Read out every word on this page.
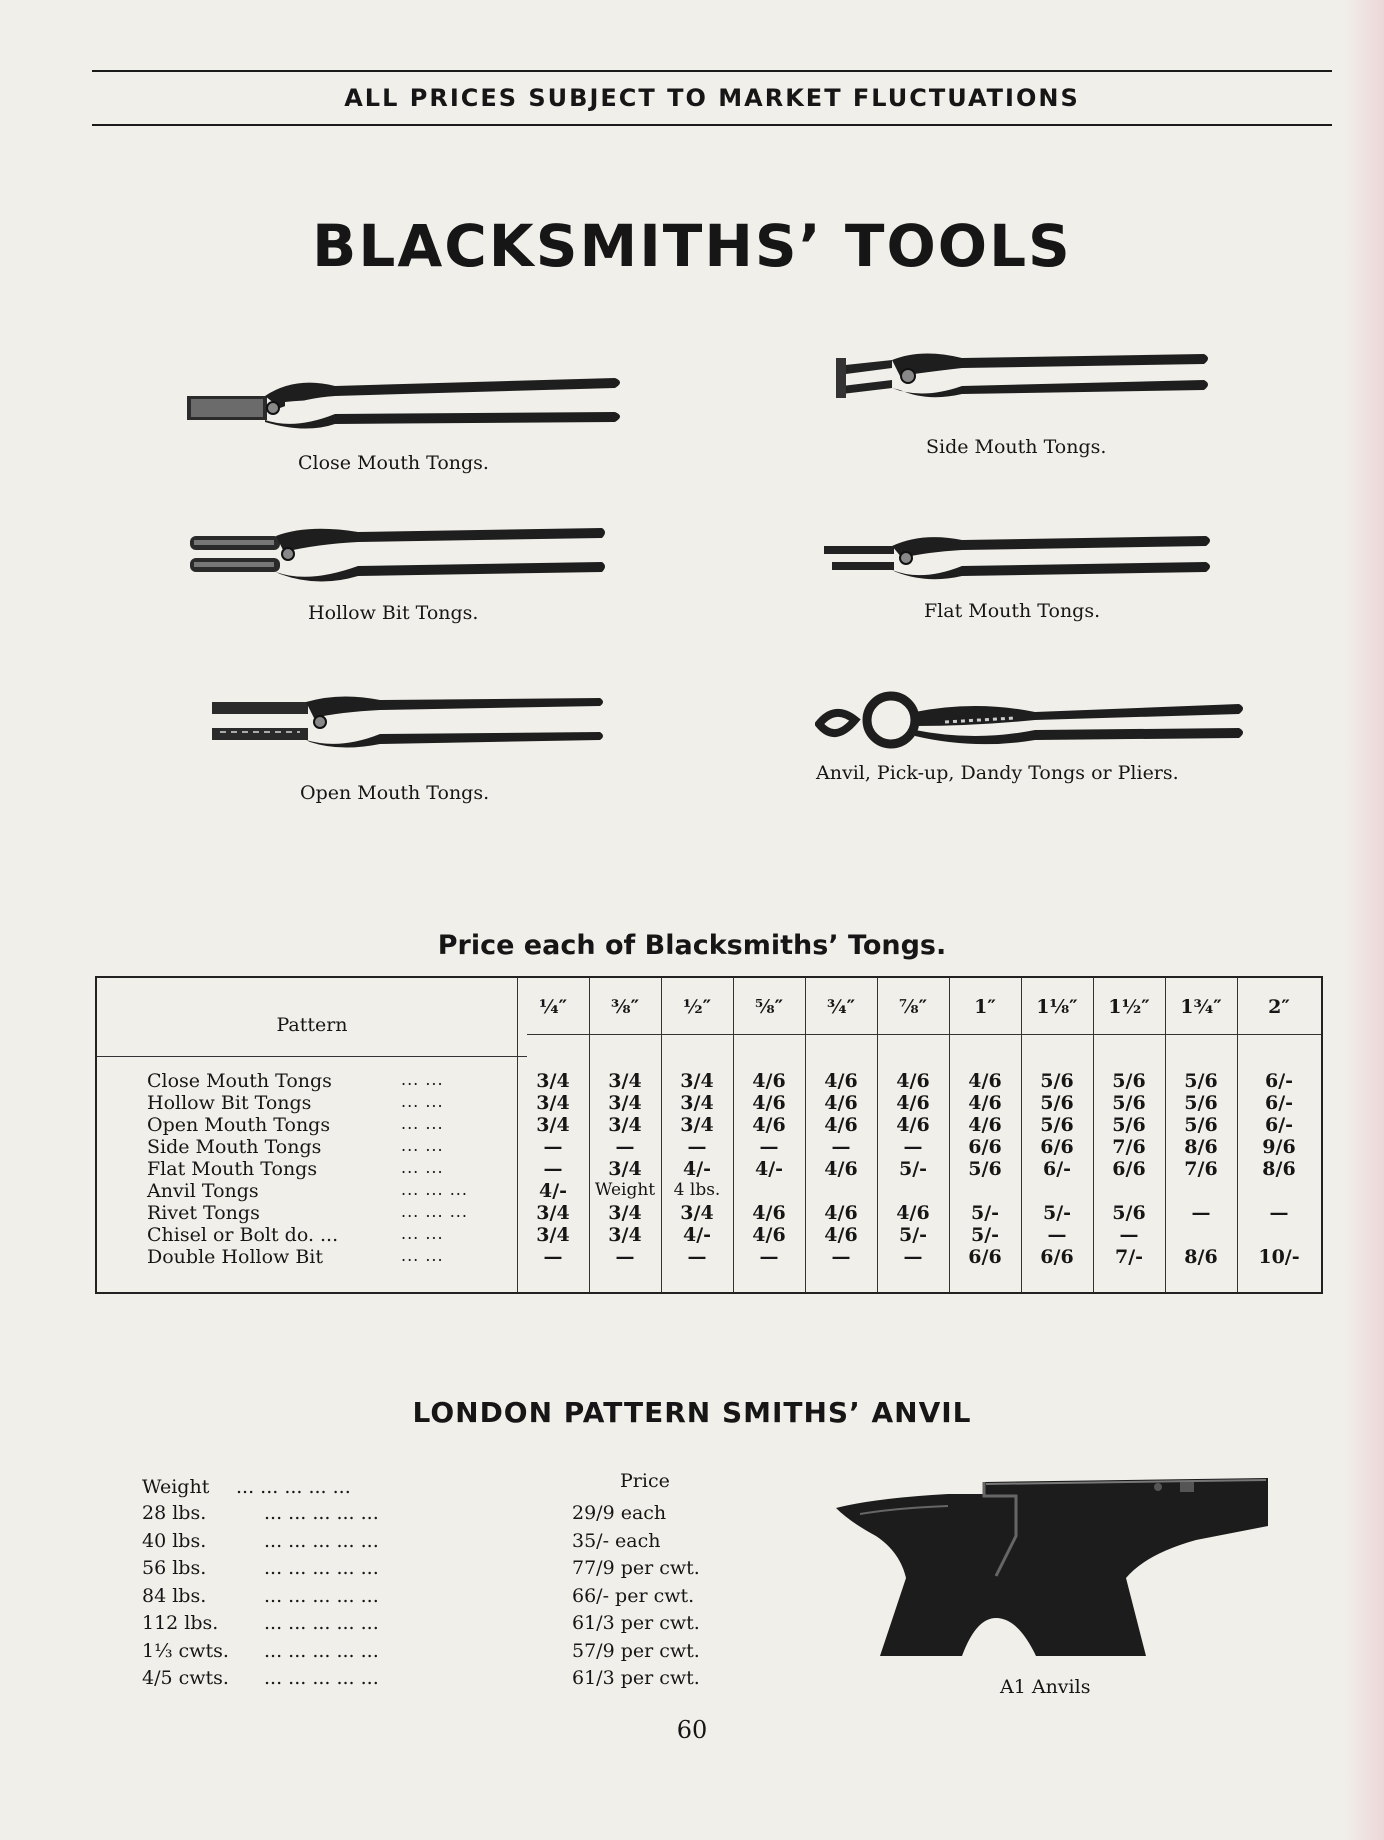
ALL PRICES SUBJECT TO MARKET FLUCTUATIONS
BLACKSMITHS’ TOOLS
Close Mouth Tongs.
Side Mouth Tongs.
Hollow Bit Tongs.	Flat Mouth Tongs.
Open Mouth Tongs.
Anvil, Pick-up, Dandy Tongs or Pliers.
Price each of Blacksmiths’ Tongs.
Pattern
¼″	⅜″	½″	⅝″	¾″	⅞″	1″	1⅛″	1½″	1¾″	2″
Close Mouth Tongs	... ...	3/4	3/4	3/4	4/6	4/6	4/6	4/6	5/6	5/6	5/6	6/-
Hollow Bit Tongs	... ...	3/4	3/4	3/4	4/6	4/6	4/6	4/6	5/6	5/6	5/6	6/-
Open Mouth Tongs	... ...	3/4	3/4	3/4	4/6	4/6	4/6	4/6	5/6	5/6	5/6	6/-
Side Mouth Tongs	... ...	—	—	—	—	—	—	6/6	6/6	7/6	8/6	9/6
Flat Mouth Tongs	... ...	—	3/4	4/-	4/-	4/6	5/-	5/6	6/-	6/6	7/6	8/6
Anvil Tongs	... ... ...	4/-	Weight	4 lbs.
Rivet Tongs	... ... ...	3/4	3/4	3/4	4/6	4/6	4/6	5/-	5/-	5/6	—	—
Chisel or Bolt do. ...	... ...	3/4	3/4	4/-	4/6	4/6	5/-	5/-	—	—
Double Hollow Bit	... ...	—	—	—	—	—	—	6/6	6/6	7/-	8/6	10/-
LONDON PATTERN SMITHS’ ANVIL
Weight ... ... ... ... ...	Price
28 lbs.	... ... ... ... ...	29/9 each
40 lbs.	... ... ... ... ...	35/- each
56 lbs.	... ... ... ... ...	77/9 per cwt.
84 lbs.	... ... ... ... ...	66/- per cwt.
112 lbs. ... ... ... ... ...	61/3 per cwt.
1⅓ cwts. ... ... ... ... ...	57/9 per cwt.
4/5 cwts. ... ... ... ... ...	61/3 per cwt.	A1 Anvils
60
